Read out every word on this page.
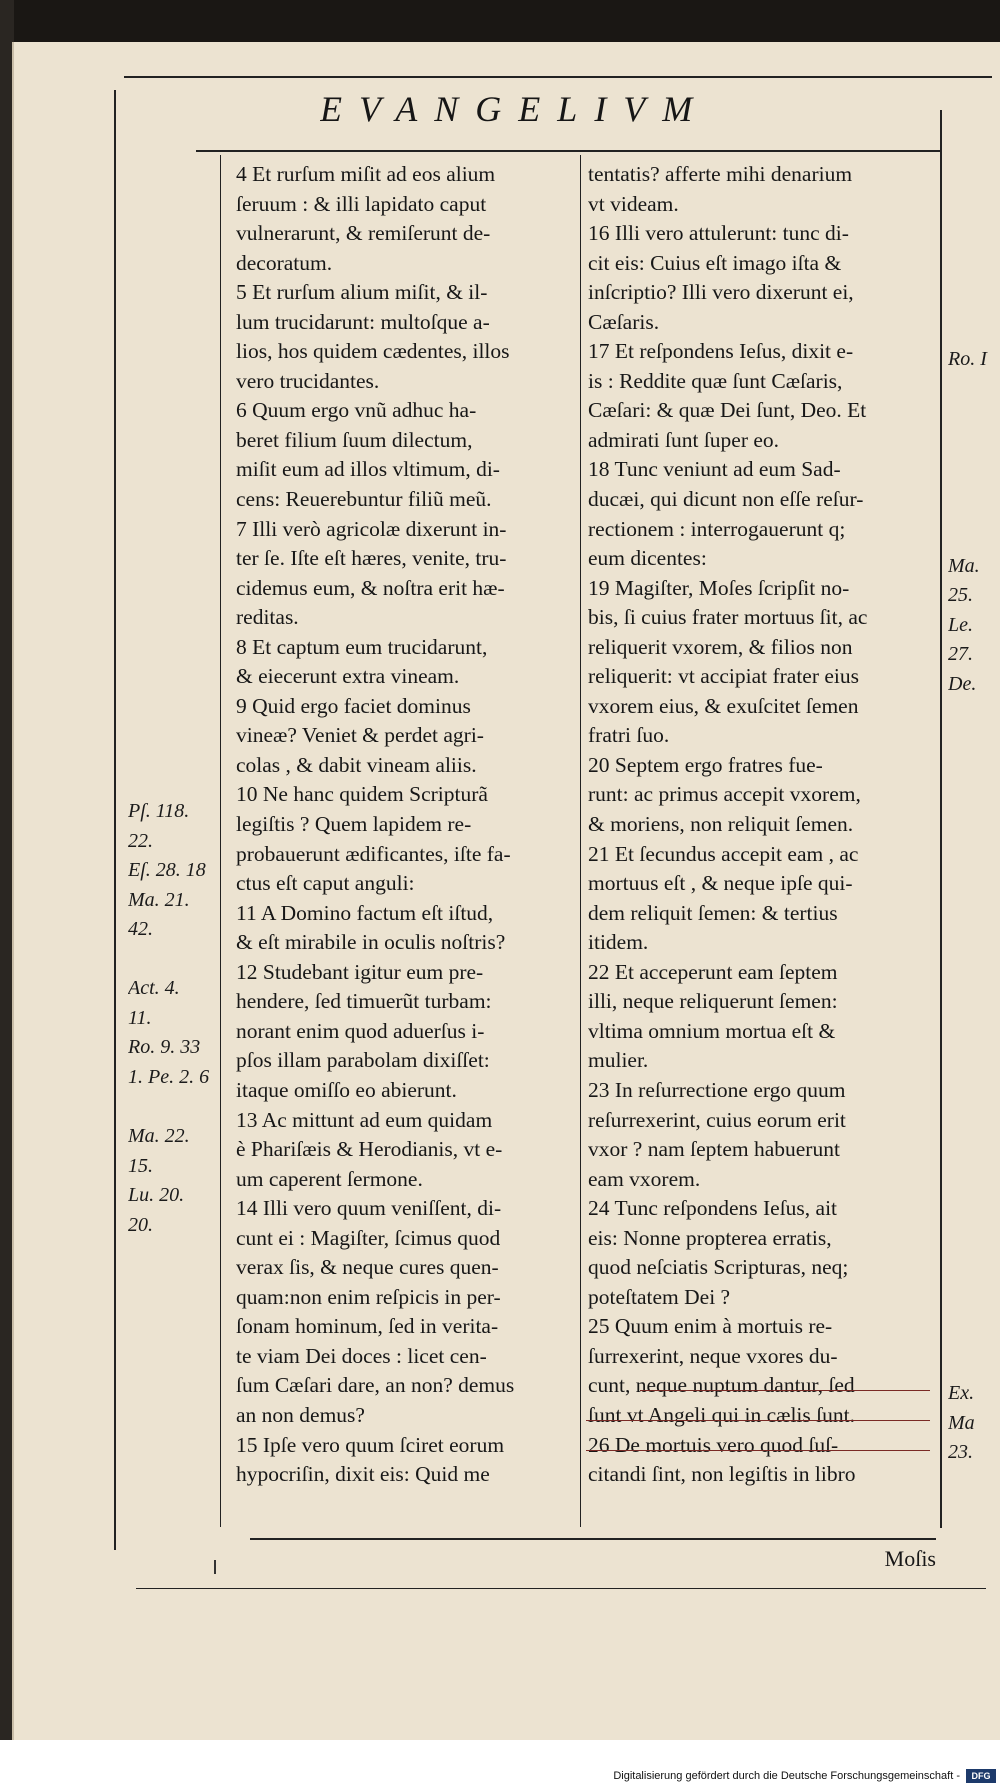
EVANGELIVM
4 Et rurſum miſit ad eos alium
ſeruum : & illi lapidato caput
vulnerarunt, & remiſerunt de-
decoratum.
5 Et rurſum alium miſit, & il-
lum trucidarunt: multoſque a-
lios, hos quidem cædentes, illos
vero trucidantes.
6 Quum ergo vnũ adhuc ha-
beret filium ſuum dilectum,
miſit eum ad illos vltimum, di-
cens: Reuerebuntur filiũ meũ.
7 Illi verò agricolæ dixerunt in-
ter ſe. Iſte eſt hæres, venite, tru-
cidemus eum, & noſtra erit hæ-
reditas.
8 Et captum eum trucidarunt,
& eiecerunt extra vineam.
9 Quid ergo faciet dominus
vineæ? Veniet & perdet agri-
colas , & dabit vineam aliis.
10 Ne hanc quidem Scripturã
legiſtis ? Quem lapidem re-
probauerunt ædificantes, iſte fa-
ctus eſt caput anguli:
11 A Domino factum eſt iſtud,
& eſt mirabile in oculis noſtris?
12 Studebant igitur eum pre-
hendere, ſed timuerũt turbam:
norant enim quod aduerſus i-
pſos illam parabolam dixiſſet:
itaque omiſſo eo abierunt.
13 Ac mittunt ad eum quidam
è Phariſæis & Herodianis, vt e-
um caperent ſermone.
14 Illi vero quum veniſſent, di-
cunt ei : Magiſter, ſcimus quod
verax ſis, & neque cures quen-
quam:non enim reſpicis in per-
ſonam hominum, ſed in verita-
te viam Dei doces : licet cen-
ſum Cæſari dare, an non? demus
an non demus?
15 Ipſe vero quum ſciret eorum
hypocriſin, dixit eis: Quid me
tentatis? afferte mihi denarium
vt videam.
16 Illi vero attulerunt: tunc di-
cit eis: Cuius eſt imago iſta &
inſcriptio? Illi vero dixerunt ei,
Cæſaris.
17 Et reſpondens Ieſus, dixit e-
is : Reddite quæ ſunt Cæſaris,
Cæſari: & quæ Dei ſunt, Deo. Et
admirati ſunt ſuper eo.
18 Tunc veniunt ad eum Sad-
ducæi, qui dicunt non eſſe reſur-
rectionem : interrogauerunt q;
eum dicentes:
19 Magiſter, Moſes ſcripſit no-
bis, ſi cuius frater mortuus ſit, ac
reliquerit vxorem, & filios non
reliquerit: vt accipiat frater eius
vxorem eius, & exuſcitet ſemen
fratri ſuo.
20 Septem ergo fratres fue-
runt: ac primus accepit vxorem,
& moriens, non reliquit ſemen.
21 Et ſecundus accepit eam , ac
mortuus eſt , & neque ipſe qui-
dem reliquit ſemen: & tertius
itidem.
22 Et acceperunt eam ſeptem
illi, neque reliquerunt ſemen:
vltima omnium mortua eſt &
mulier.
23 In reſurrectione ergo quum
reſurrexerint, cuius eorum erit
vxor ? nam ſeptem habuerunt
eam vxorem.
24 Tunc reſpondens Ieſus, ait
eis: Nonne propterea erratis,
quod neſciatis Scripturas, neq;
poteſtatem Dei ?
25 Quum enim à mortuis re-
ſurrexerint, neque vxores du-
cunt, neque nuptum dantur, ſed
ſunt vt Angeli qui in cælis ſunt.
26 De mortuis vero quod ſuſ-
citandi ſint, non legiſtis in libro
Pſ. 118.
22.
Eſ. 28. 18
Ma. 21.
42.
Act. 4.
11.
Ro. 9. 33
1. Pe. 2. 6
Ma. 22.
15.
Lu. 20.
20.
Ro. I
Ma.
25.
Le.
27.
De.
Ex.
Ma
23.
Moſis
Digitalisierung gefördert durch die Deutsche Forschungsgemeinschaft -	DFG
